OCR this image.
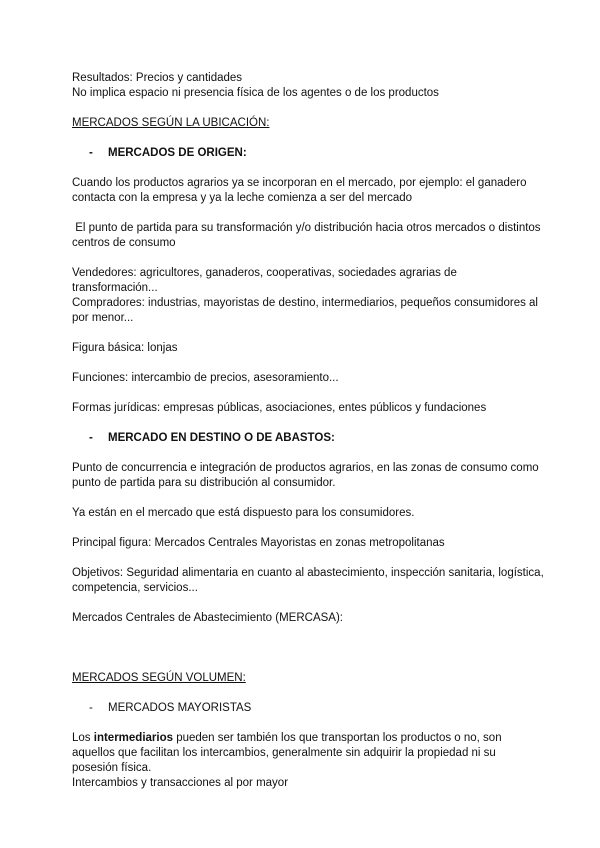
Resultados: Precios y cantidades
No implica espacio ni presencia física de los agentes o de los productos
MERCADOS SEGÚN LA UBICACIÓN:
- MERCADOS DE ORIGEN:
Cuando los productos agrarios ya se incorporan en el mercado, por ejemplo: el ganadero
contacta con la empresa y ya la leche comienza a ser del mercado
El punto de partida para su transformación y/o distribución hacia otros mercados o distintos
centros de consumo
Vendedores: agricultores, ganaderos, cooperativas, sociedades agrarias de
transformación...
Compradores: industrias, mayoristas de destino, intermediarios, pequeños consumidores al
por menor...
Figura básica: lonjas
Funciones: intercambio de precios, asesoramiento...
Formas jurídicas: empresas públicas, asociaciones, entes públicos y fundaciones
- MERCADO EN DESTINO O DE ABASTOS:
Punto de concurrencia e integración de productos agrarios, en las zonas de consumo como
punto de partida para su distribución al consumidor.
Ya están en el mercado que está dispuesto para los consumidores.
Principal figura: Mercados Centrales Mayoristas en zonas metropolitanas
Objetivos: Seguridad alimentaria en cuanto al abastecimiento, inspección sanitaria, logística,
competencia, servicios...
Mercados Centrales de Abastecimiento (MERCASA):
MERCADOS SEGÚN VOLUMEN:
- MERCADOS MAYORISTAS
Los intermediarios pueden ser también los que transportan los productos o no, son
aquellos que facilitan los intercambios, generalmente sin adquirir la propiedad ni su
posesión física.
Intercambios y transacciones al por mayor
